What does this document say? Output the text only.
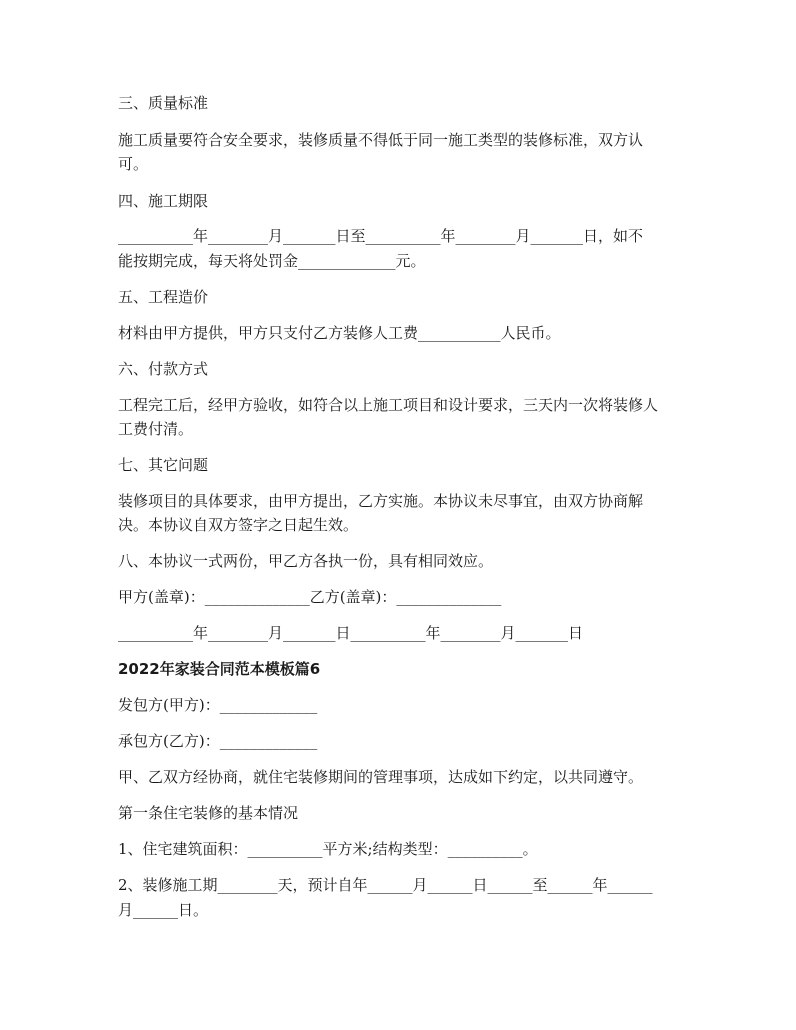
三、质量标准
施工质量要符合安全要求，装修质量不得低于同一施工类型的装修标准，双方认
可。
四、施工期限
__________年________月_______日至__________年________月_______日，如不
能按期完成，每天将处罚金_____________元。
五、工程造价
材料由甲方提供，甲方只支付乙方装修人工费___________人民币。
六、付款方式
工程完工后，经甲方验收，如符合以上施工项目和设计要求，三天内一次将装修人
工费付清。
七、其它问题
装修项目的具体要求，由甲方提出，乙方实施。本协议未尽事宜，由双方协商解
决。本协议自双方签字之日起生效。
八、本协议一式两份，甲乙方各执一份，具有相同效应。
甲方(盖章)：______________乙方(盖章)：______________
__________年________月_______日__________年________月_______日
2022年家装合同范本模板篇6
发包方(甲方)：_____________
承包方(乙方)：_____________
甲、乙双方经协商，就住宅装修期间的管理事项，达成如下约定，以共同遵守。
第一条住宅装修的基本情况
1、住宅建筑面积：__________平方米;结构类型：__________。
2、装修施工期________天，预计自年______月______日______至______年______
月______日。
